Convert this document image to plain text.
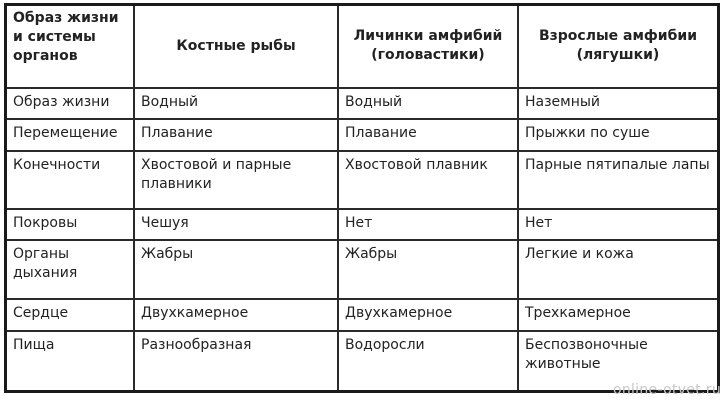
Образ жизни и системы органов	Костные рыбы	Личинки амфибий (головастики)	Взрослые амфибии (лягушки)
Образ жизни	Водный	Водный	Наземный
Перемещение	Плавание	Плавание	Прыжки по суше
Конечности	Хвостовой и парные плавники	Хвостовой плавник	Парные пятипалые лапы
Покровы	Чешуя	Нет	Нет
Органы дыхания	Жабры	Жабры	Легкие и кожа
Сердце	Двухкамерное	Двухкамерное	Трехкамерное
Пища	Разнообразная	Водоросли	Беспозвоночные животные
online-otvet.ru
